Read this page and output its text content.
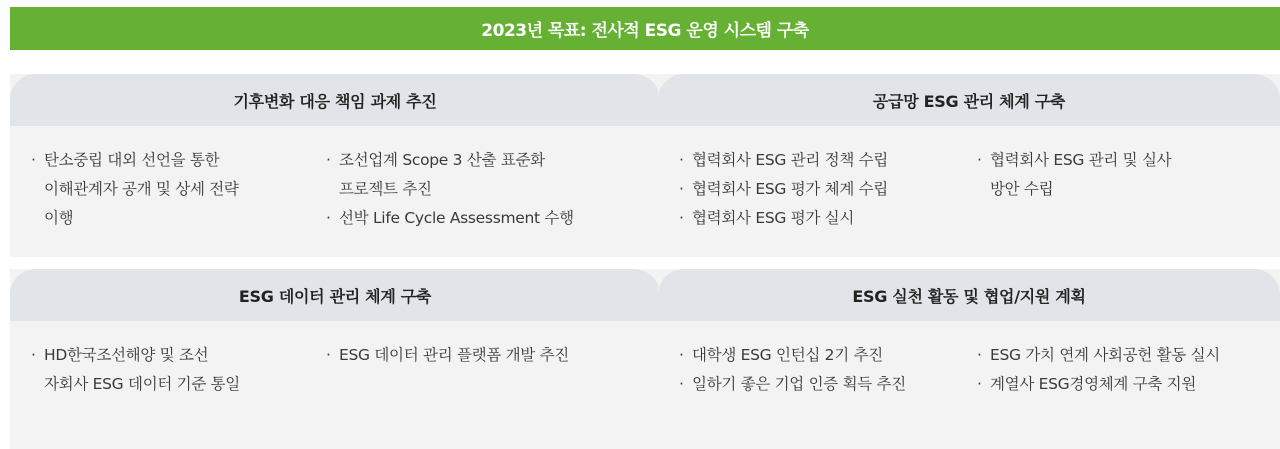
2023년 목표: 전사적 ESG 운영 시스템 구축
기후변화 대응 책임 과제 추진
· 탄소중립 대외 선언을 통한
이해관계자 공개 및 상세 전략
이행
· 조선업계 Scope 3 산출 표준화
프로젝트 추진
· 선박 Life Cycle Assessment 수행
공급망 ESG 관리 체계 구축
· 협력회사 ESG 관리 정책 수립
· 협력회사 ESG 평가 체계 수립
· 협력회사 ESG 평가 실시
· 협력회사 ESG 관리 및 실사
방안 수립
ESG 데이터 관리 체계 구축
· HD한국조선해양 및 조선
자회사 ESG 데이터 기준 통일
· ESG 데이터 관리 플랫폼 개발 추진
ESG 실천 활동 및 협업/지원 계획
· 대학생 ESG 인턴십 2기 추진
· 일하기 좋은 기업 인증 획득 추진
· ESG 가치 연계 사회공헌 활동 실시
· 계열사 ESG경영체계 구축 지원
